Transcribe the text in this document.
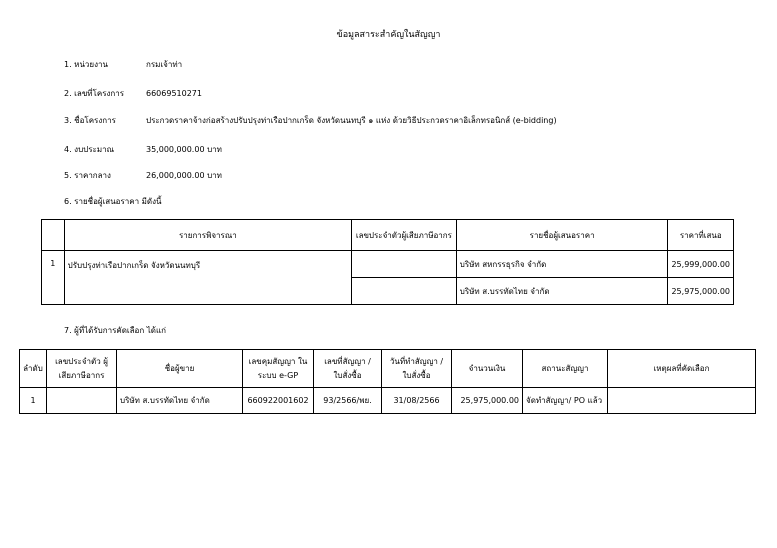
ข้อมูลสาระสำคัญในสัญญา
1. หน่วยงาน	กรมเจ้าท่า
2. เลขที่โครงการ	66069510271
3. ชื่อโครงการ	ประกวดราคาจ้างก่อสร้างปรับปรุงท่าเรือปากเกร็ด จังหวัดนนทบุรี ๑ แห่ง ด้วยวิธีประกวดราคาอิเล็กทรอนิกส์ (e-bidding)
4. งบประมาณ	35,000,000.00 บาท
5. ราคากลาง	26,000,000.00 บาท
6. รายชื่อผู้เสนอราคา มีดังนี้
	รายการพิจารณา	เลขประจำตัวผู้เสียภาษีอากร	รายชื่อผู้เสนอราคา	ราคาที่เสนอ
1	ปรับปรุงท่าเรือปากเกร็ด จังหวัดนนทบุรี		บริษัท สหกรรธุรกิจ จำกัด	25,999,000.00
			บริษัท ส.บรรทัดไทย จำกัด	25,975,000.00
7. ผู้ที่ได้รับการคัดเลือก ได้แก่
ลำดับ	เลขประจำตัว ผู้เสียภาษีอากร	ชื่อผู้ขาย	เลขคุมสัญญา ในระบบ e-GP	เลขที่สัญญา / ใบสั่งซื้อ	วันที่ทำสัญญา / ใบสั่งซื้อ	จำนวนเงิน	สถานะสัญญา	เหตุผลที่คัดเลือก
1		บริษัท ส.บรรทัดไทย จำกัด	660922001602	93/2566/พย.	31/08/2566	25,975,000.00	จัดทำสัญญา/ PO แล้ว	
